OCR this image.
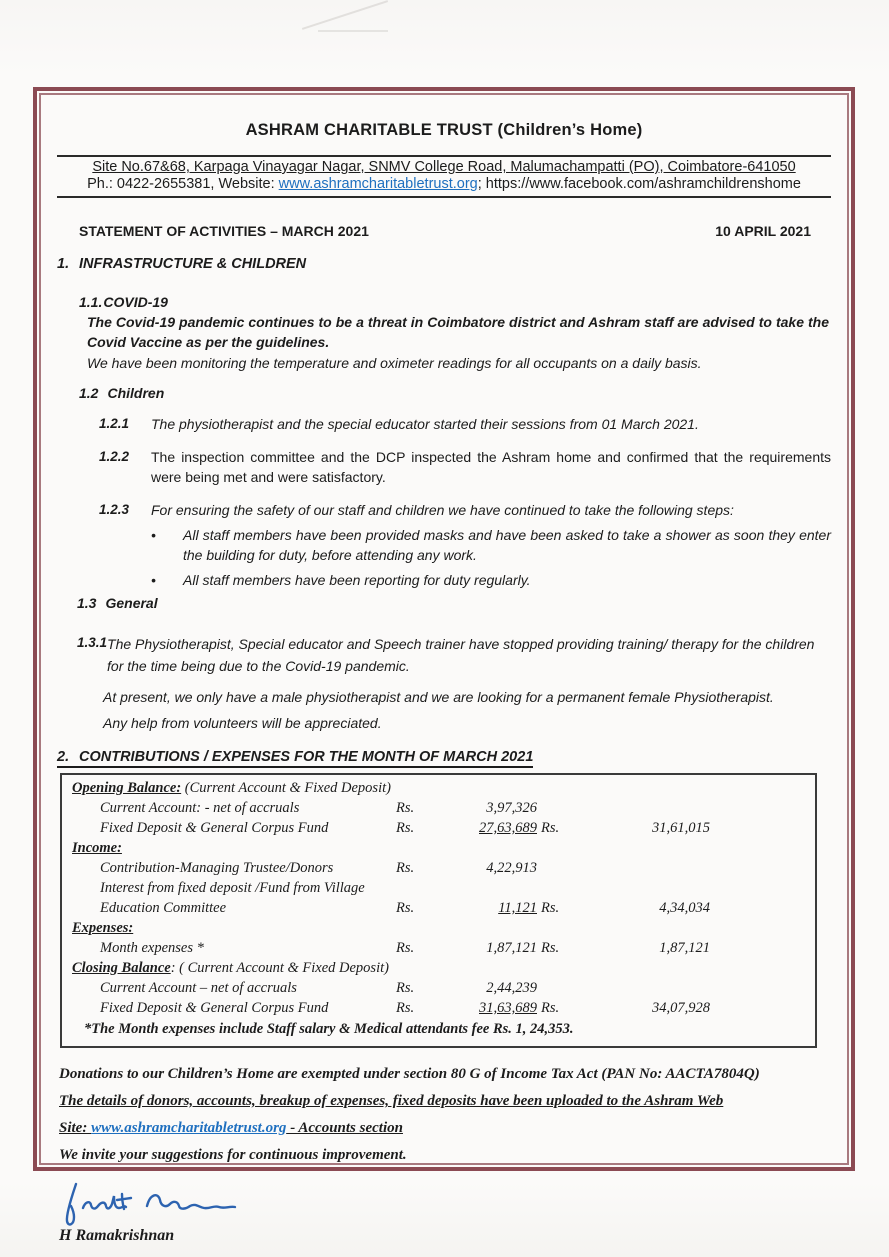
ASHRAM CHARITABLE TRUST (Children’s Home)
Site No.67&68, Karpaga Vinayagar Nagar, SNMV College Road, Malumachampatti (PO), Coimbatore-641050
Ph.: 0422-2655381, Website: www.ashramcharitabletrust.org; https://www.facebook.com/ashramchildrenshome
STATEMENT OF ACTIVITIES – MARCH 2021	10 APRIL 2021
1. INFRASTRUCTURE & CHILDREN
1.1.COVID-19
The Covid-19 pandemic continues to be a threat in Coimbatore district and Ashram staff are advised to take the Covid Vaccine as per the guidelines.
We have been monitoring the temperature and oximeter readings for all occupants on a daily basis.
1.2 Children
1.2.1	The physiotherapist and the special educator started their sessions from 01 March 2021.
1.2.2	The inspection committee and the DCP inspected the Ashram home and confirmed that the requirements were being met and were satisfactory.
1.2.3	For ensuring the safety of our staff and children we have continued to take the following steps:
•	All staff members have been provided masks and have been asked to take a shower as soon they enter the building for duty, before attending any work.
•	All staff members have been reporting for duty regularly.
1.3 General
1.3.1 The Physiotherapist, Special educator and Speech trainer have stopped providing training/ therapy for the children for the time being due to the Covid-19 pandemic.
At present, we only have a male physiotherapist and we are looking for a permanent female Physiotherapist.
Any help from volunteers will be appreciated.
2. CONTRIBUTIONS / EXPENSES FOR THE MONTH OF MARCH 2021
Opening Balance: (Current Account & Fixed Deposit)
Current Account: - net of accruals	Rs.	3,97,326
Fixed Deposit & General Corpus Fund	Rs.	27,63,689 Rs.	31,61,015
Income:
Contribution-Managing Trustee/Donors	Rs.	4,22,913
Interest from fixed deposit /Fund from Village
Education Committee	Rs.	11,121 Rs.	4,34,034
Expenses:
Month expenses *	Rs.	1,87,121 Rs.	1,87,121
Closing Balance: ( Current Account & Fixed Deposit)
Current Account – net of accruals	Rs.	2,44,239
Fixed Deposit & General Corpus Fund	Rs.	31,63,689 Rs.	34,07,928
*The Month expenses include Staff salary & Medical attendants fee Rs. 1, 24,353.

Donations to our Children’s Home are exempted under section 80 G of Income Tax Act (PAN No: AACTA7804Q)

The details of donors, accounts, breakup of expenses, fixed deposits have been uploaded to the Ashram Web

Site: www.ashramcharitabletrust.org - Accounts section

We invite your suggestions for continuous improvement.

H Ramakrishnan
